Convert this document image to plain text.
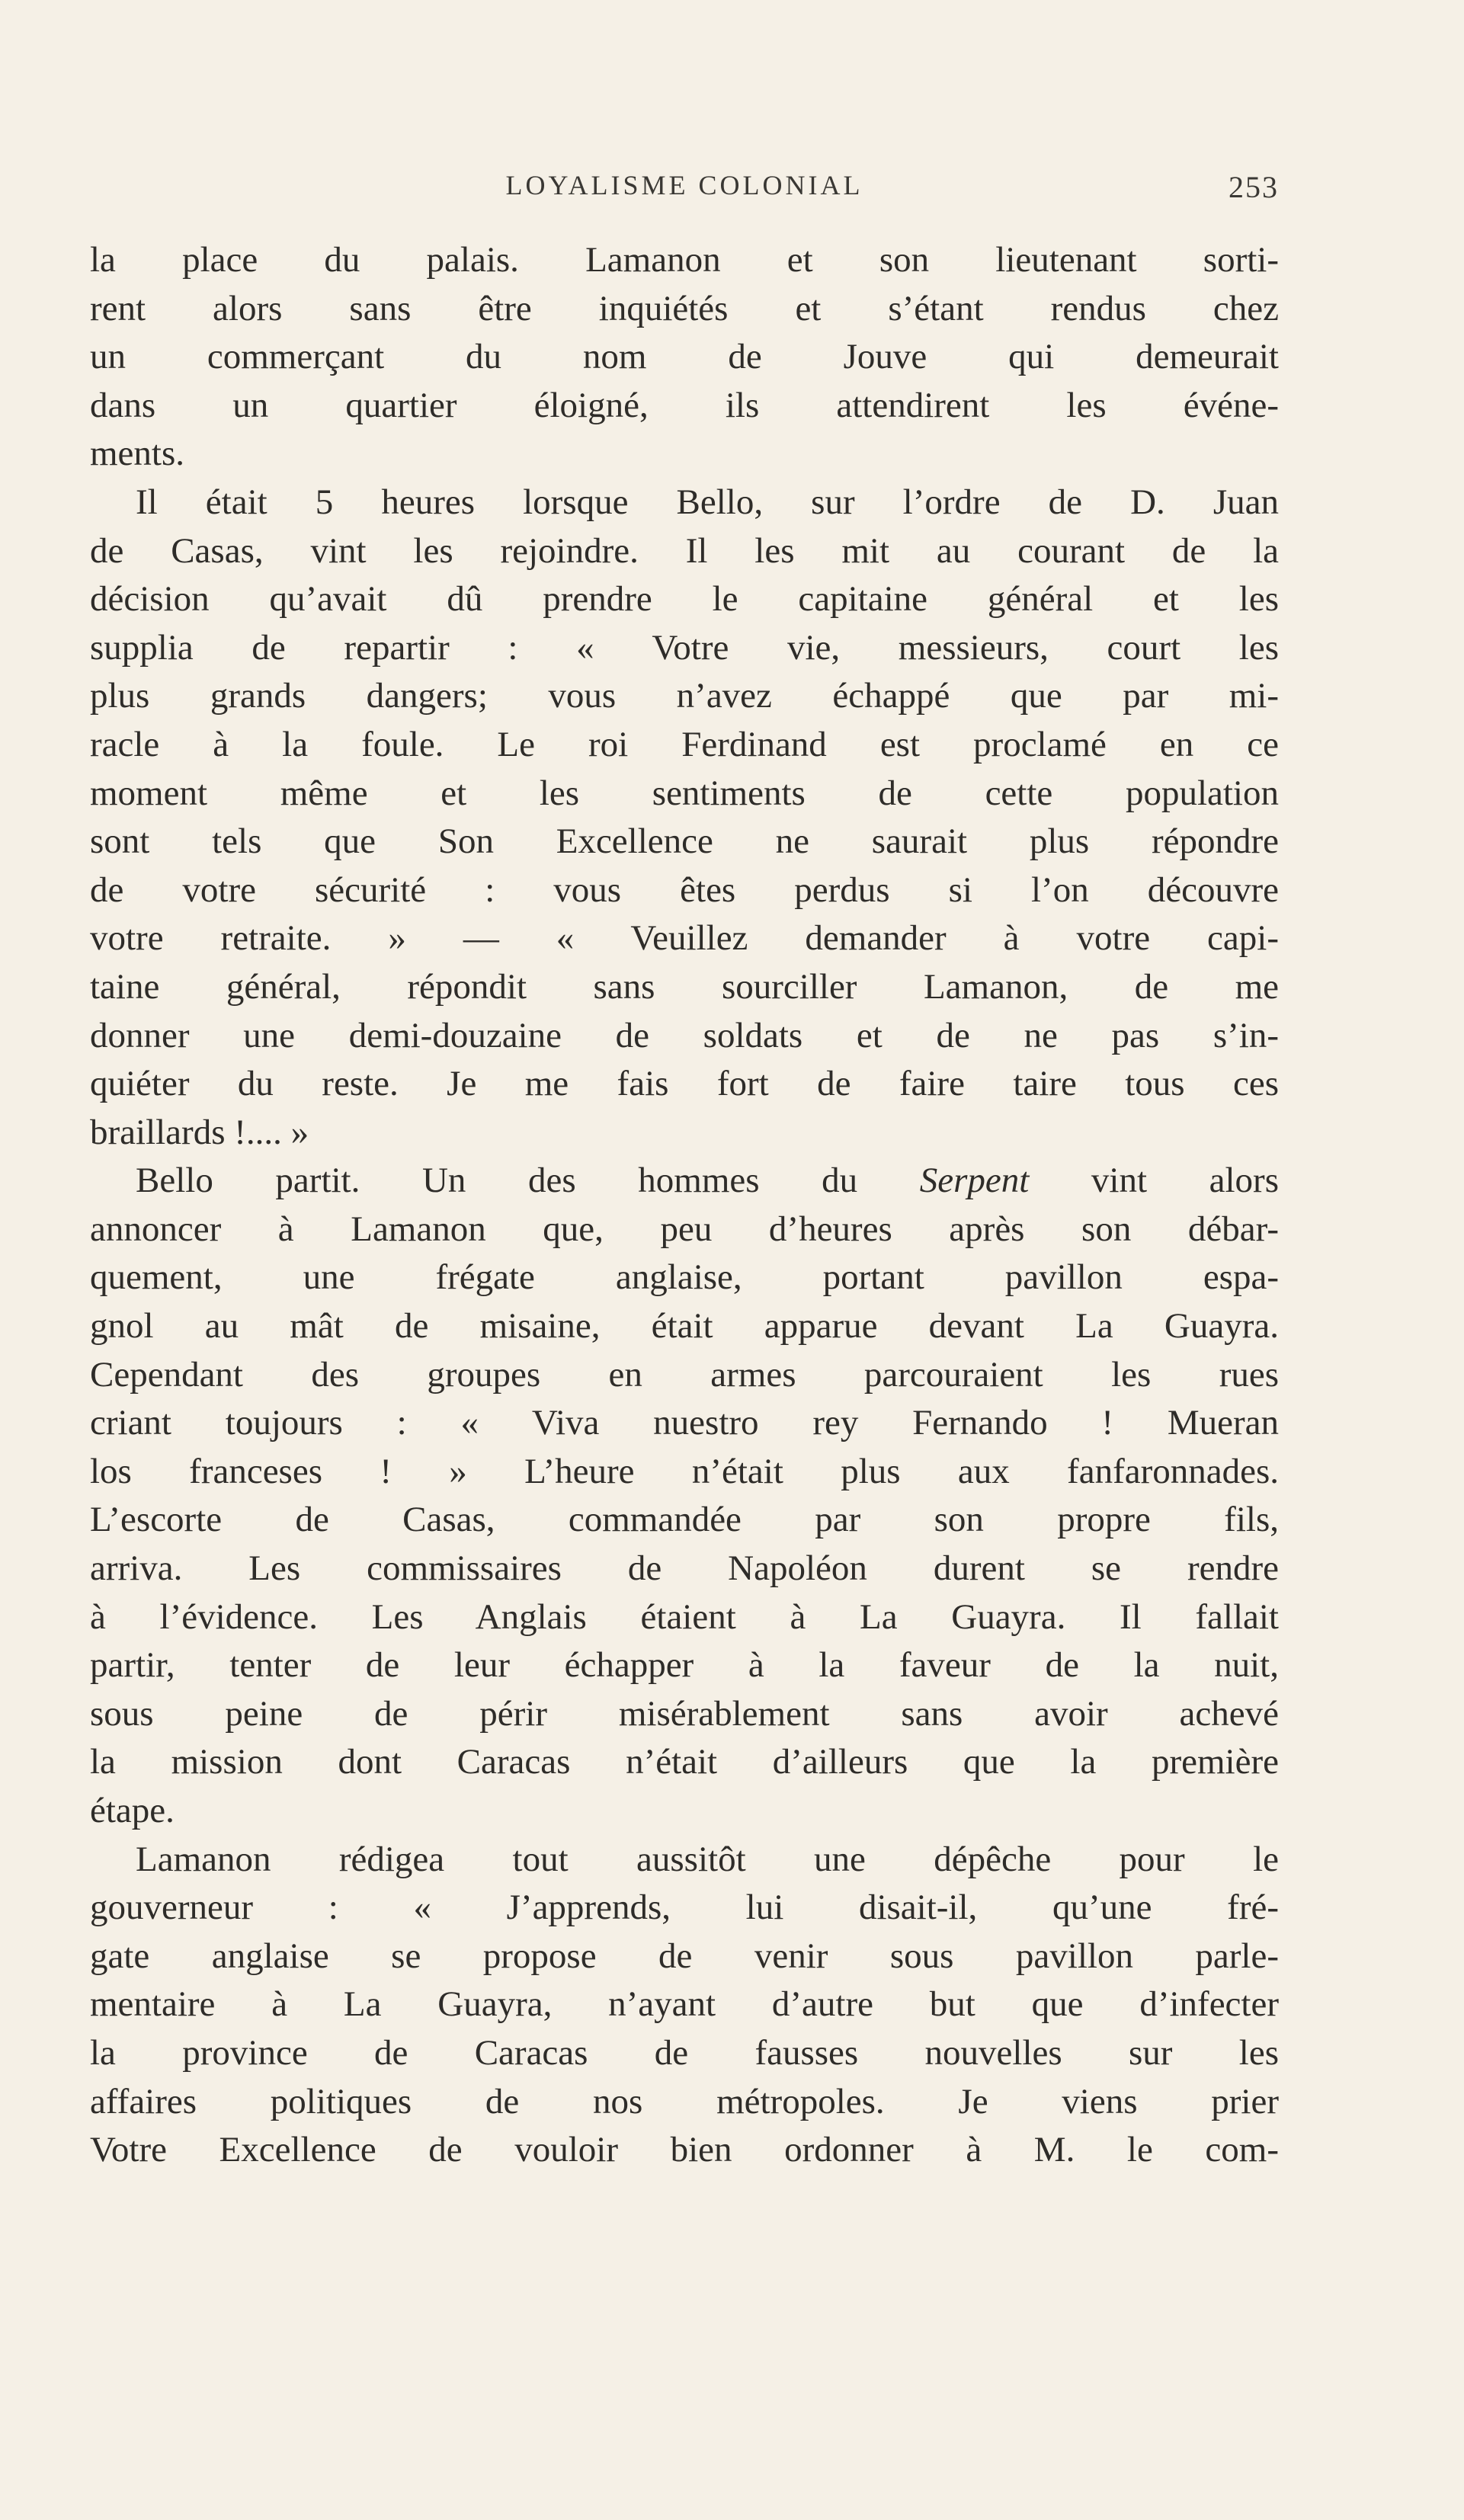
LOYALISME COLONIAL	253
la place du palais. Lamanon et son lieutenant sorti-
rent alors sans être inquiétés et s’étant rendus chez
un commerçant du nom de Jouve qui demeurait
dans un quartier éloigné, ils attendirent les événe-
ments.
Il était 5 heures lorsque Bello, sur l’ordre de D. Juan
de Casas, vint les rejoindre. Il les mit au courant de la
décision qu’avait dû prendre le capitaine général et les
supplia de repartir : « Votre vie, messieurs, court les
plus grands dangers; vous n’avez échappé que par mi-
racle à la foule. Le roi Ferdinand est proclamé en ce
moment même et les sentiments de cette population
sont tels que Son Excellence ne saurait plus répondre
de votre sécurité : vous êtes perdus si l’on découvre
votre retraite. » — « Veuillez demander à votre capi-
taine général, répondit sans sourciller Lamanon, de me
donner une demi-douzaine de soldats et de ne pas s’in-
quiéter du reste. Je me fais fort de faire taire tous ces
braillards !.... »
Bello partit. Un des hommes du Serpent vint alors
annoncer à Lamanon que, peu d’heures après son débar-
quement, une frégate anglaise, portant pavillon espa-
gnol au mât de misaine, était apparue devant La Guayra.
Cependant des groupes en armes parcouraient les rues
criant toujours : « Viva nuestro rey Fernando ! Mueran
los franceses ! » L’heure n’était plus aux fanfaronnades.
L’escorte de Casas, commandée par son propre fils,
arriva. Les commissaires de Napoléon durent se rendre
à l’évidence. Les Anglais étaient à La Guayra. Il fallait
partir, tenter de leur échapper à la faveur de la nuit,
sous peine de périr misérablement sans avoir achevé
la mission dont Caracas n’était d’ailleurs que la première
étape.
Lamanon rédigea tout aussitôt une dépêche pour le
gouverneur : « J’apprends, lui disait-il, qu’une fré-
gate anglaise se propose de venir sous pavillon parle-
mentaire à La Guayra, n’ayant d’autre but que d’infecter
la province de Caracas de fausses nouvelles sur les
affaires politiques de nos métropoles. Je viens prier
Votre Excellence de vouloir bien ordonner à M. le com-
